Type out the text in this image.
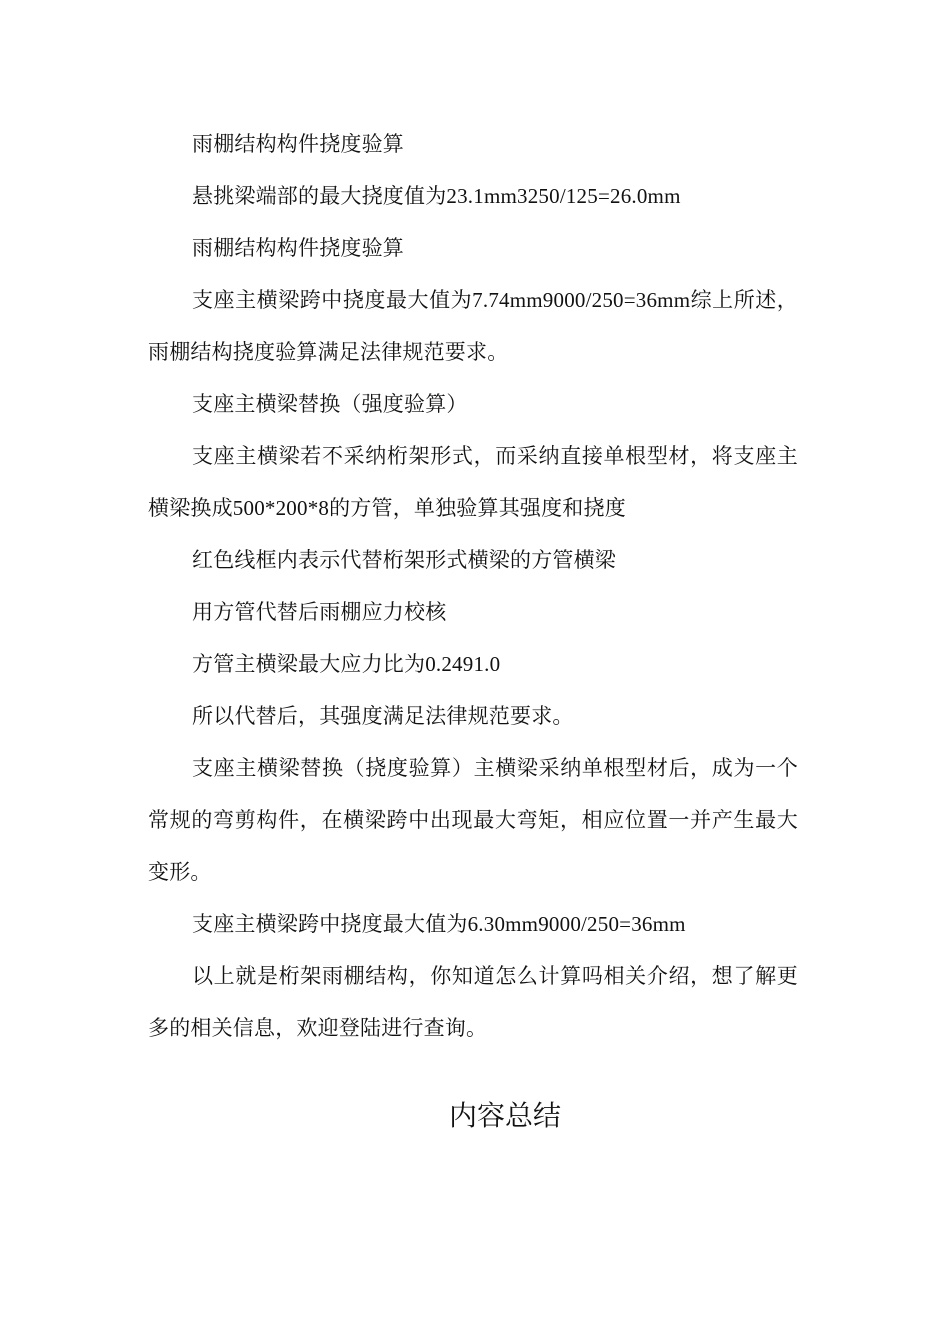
雨棚结构构件挠度验算

悬挑梁端部的最大挠度值为23.1mm3250/125=26.0mm

雨棚结构构件挠度验算

支座主横梁跨中挠度最大值为7.74mm9000/250=36mm综上所述，雨棚结构挠度验算满足法律规范要求。

支座主横梁替换（强度验算）

支座主横梁若不采纳桁架形式，而采纳直接单根型材，将支座主横梁换成500*200*8的方管，单独验算其强度和挠度

红色线框内表示代替桁架形式横梁的方管横梁

用方管代替后雨棚应力校核

方管主横梁最大应力比为0.2491.0

所以代替后，其强度满足法律规范要求。

支座主横梁替换（挠度验算）主横梁采纳单根型材后，成为一个常规的弯剪构件，在横梁跨中出现最大弯矩，相应位置一并产生最大变形。

支座主横梁跨中挠度最大值为6.30mm9000/250=36mm

以上就是桁架雨棚结构，你知道怎么计算吗相关介绍，想了解更多的相关信息，欢迎登陆进行查询。

内容总结
